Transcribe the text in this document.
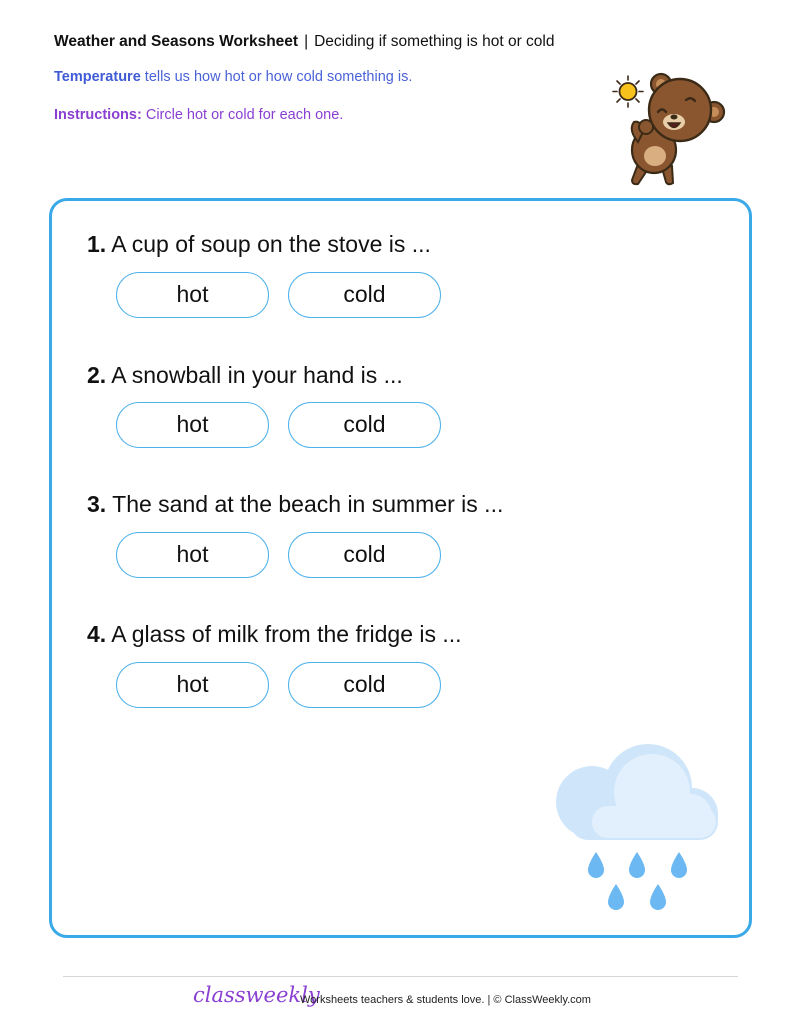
Weather and Seasons Worksheet | Deciding if something is hot or cold
Temperature tells us how hot or how cold something is.
Instructions: Circle hot or cold for each one.
1. A cup of soup on the stove is ...
hot	cold
2. A snowball in your hand is ...
hot	cold
3. The sand at the beach in summer is ...
hot	cold
4. A glass of milk from the fridge is ...
hot	cold
classweekly
Worksheets teachers & students love. | © ClassWeekly.com
